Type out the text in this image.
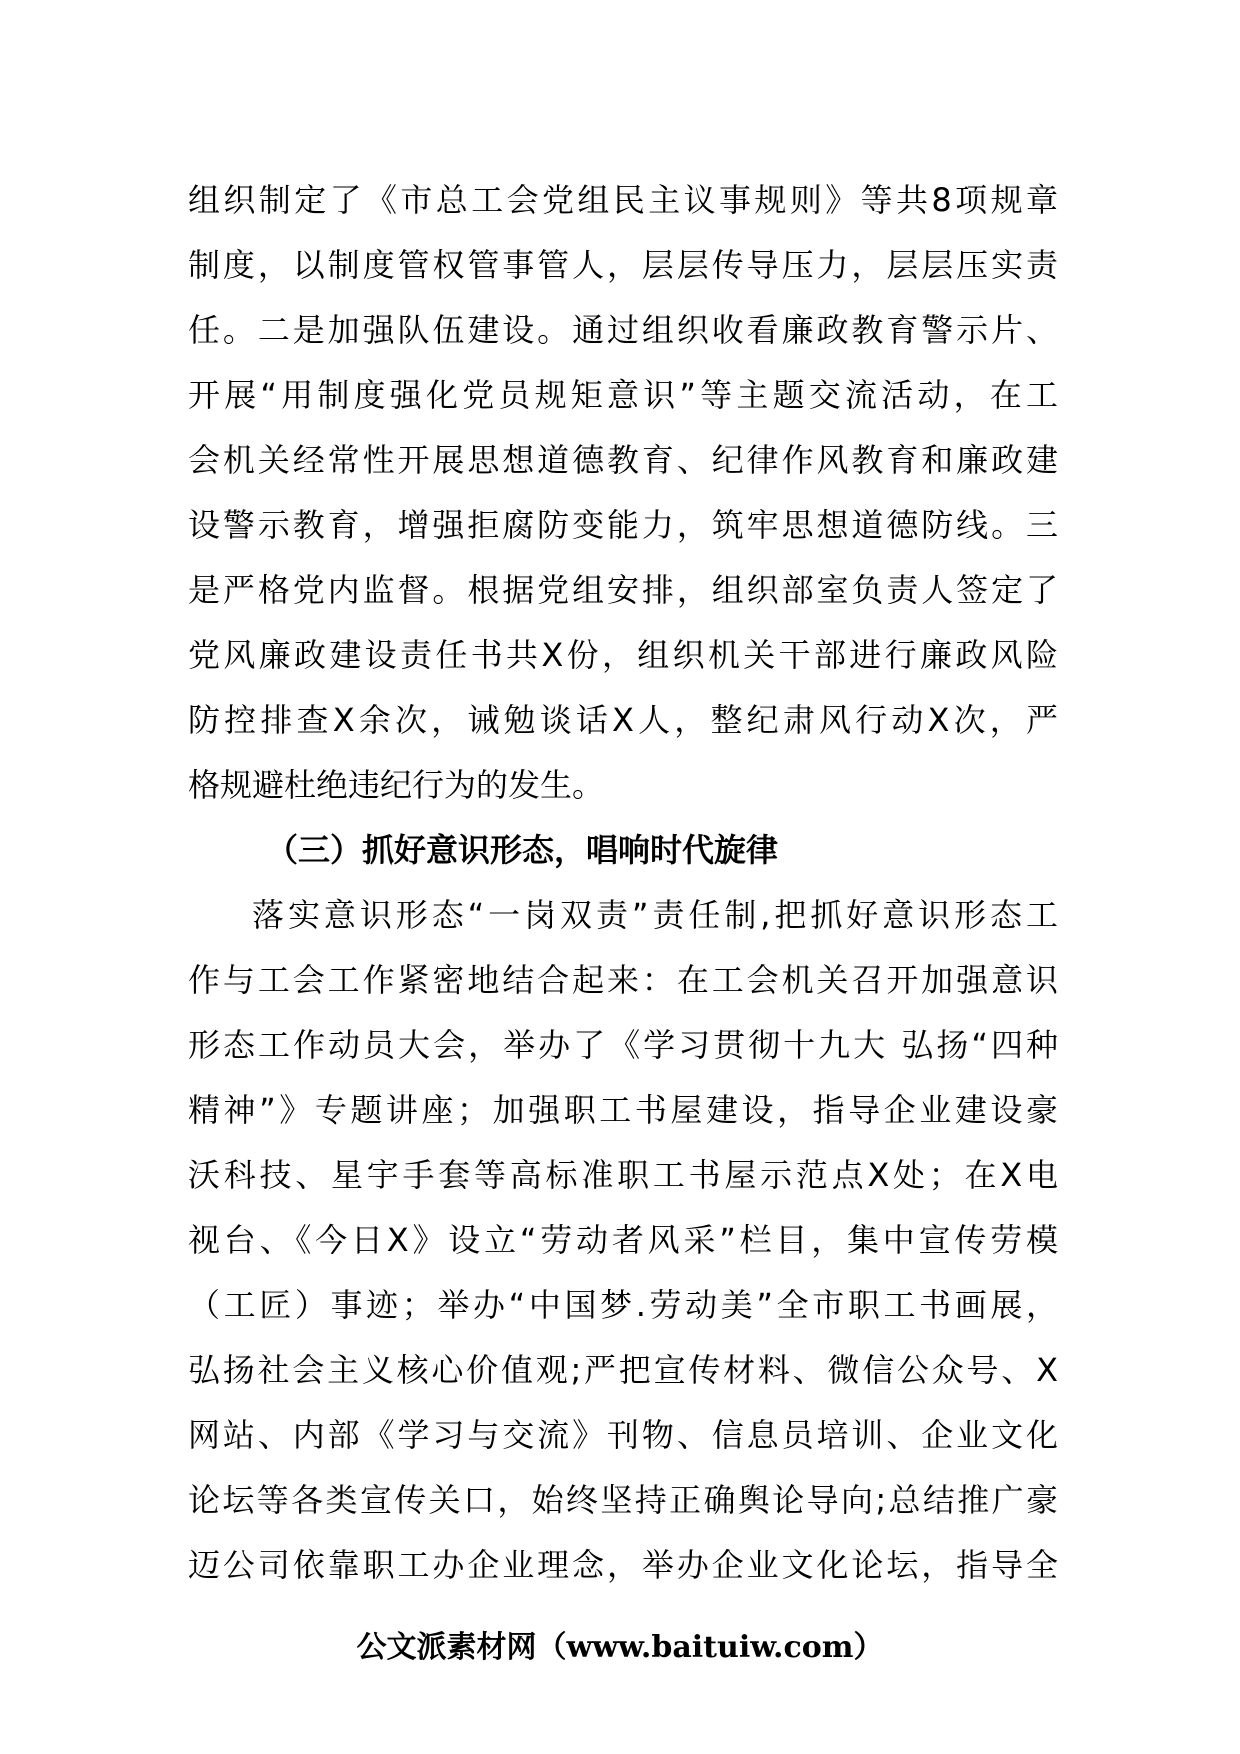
组织制定了《市总工会党组民主议事规则》等共8项规章
制度，以制度管权管事管人，层层传导压力，层层压实责
任。二是加强队伍建设。通过组织收看廉政教育警示片、
开展“用制度强化党员规矩意识”等主题交流活动，在工
会机关经常性开展思想道德教育、纪律作风教育和廉政建
设警示教育，增强拒腐防变能力，筑牢思想道德防线。三
是严格党内监督。根据党组安排，组织部室负责人签定了
党风廉政建设责任书共X份，组织机关干部进行廉政风险
防控排查X余次，诫勉谈话X人，整纪肃风行动X次，严
格规避杜绝违纪行为的发生。
（三）抓好意识形态，唱响时代旋律
落实意识形态“一岗双责”责任制,把抓好意识形态工
作与工会工作紧密地结合起来：在工会机关召开加强意识
形态工作动员大会，举办了《学习贯彻十九大 弘扬“四种
精神”》专题讲座；加强职工书屋建设，指导企业建设豪
沃科技、星宇手套等高标准职工书屋示范点X处；在X电
视台、《今日X》设立“劳动者风采”栏目，集中宣传劳模
（工匠）事迹；举办“中国梦.劳动美”全市职工书画展，
弘扬社会主义核心价值观;严把宣传材料、微信公众号、X
网站、内部《学习与交流》刊物、信息员培训、企业文化
论坛等各类宣传关口，始终坚持正确舆论导向;总结推广豪
迈公司依靠职工办企业理念，举办企业文化论坛，指导全
公文派素材网（www.baituiw.com）
